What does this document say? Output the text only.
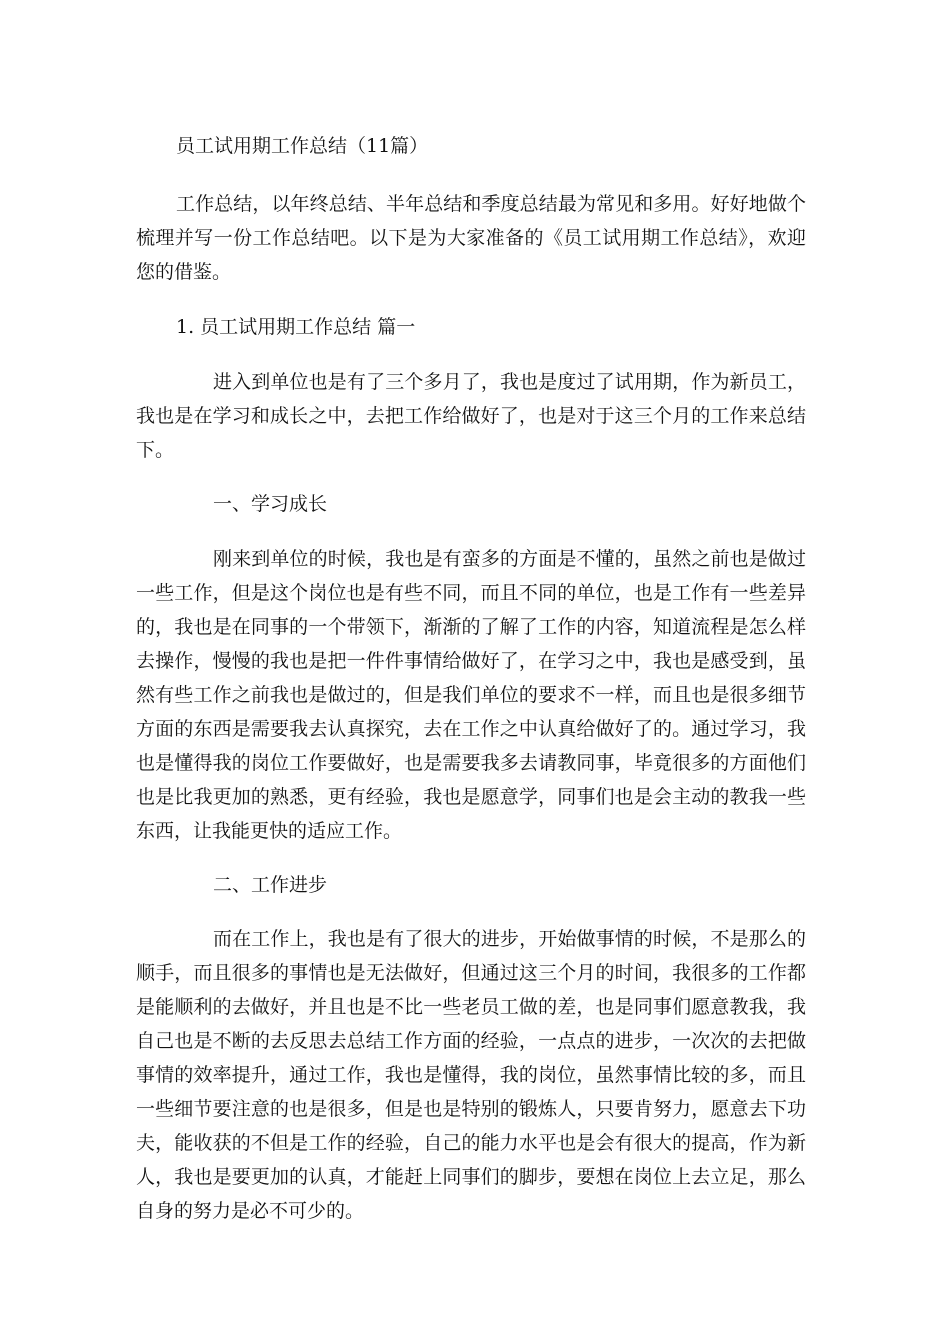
员工试用期工作总结（11篇）
工作总结，以年终总结、半年总结和季度总结最为常见和多用。好好地做个
梳理并写一份工作总结吧。以下是为大家准备的《员工试用期工作总结》，欢迎
您的借鉴。
1. 员工试用期工作总结 篇一
进入到单位也是有了三个多月了，我也是度过了试用期，作为新员工，
我也是在学习和成长之中，去把工作给做好了，也是对于这三个月的工作来总结
下。
一、学习成长
刚来到单位的时候，我也是有蛮多的方面是不懂的，虽然之前也是做过
一些工作，但是这个岗位也是有些不同，而且不同的单位，也是工作有一些差异
的，我也是在同事的一个带领下，渐渐的了解了工作的内容，知道流程是怎么样
去操作，慢慢的我也是把一件件事情给做好了，在学习之中，我也是感受到，虽
然有些工作之前我也是做过的，但是我们单位的要求不一样，而且也是很多细节
方面的东西是需要我去认真探究，去在工作之中认真给做好了的。通过学习，我
也是懂得我的岗位工作要做好，也是需要我多去请教同事，毕竟很多的方面他们
也是比我更加的熟悉，更有经验，我也是愿意学，同事们也是会主动的教我一些
东西，让我能更快的适应工作。
二、工作进步
而在工作上，我也是有了很大的进步，开始做事情的时候，不是那么的
顺手，而且很多的事情也是无法做好，但通过这三个月的时间，我很多的工作都
是能顺利的去做好，并且也是不比一些老员工做的差，也是同事们愿意教我，我
自己也是不断的去反思去总结工作方面的经验，一点点的进步，一次次的去把做
事情的效率提升，通过工作，我也是懂得，我的岗位，虽然事情比较的多，而且
一些细节要注意的也是很多，但是也是特别的锻炼人，只要肯努力，愿意去下功
夫，能收获的不但是工作的经验，自己的能力水平也是会有很大的提高，作为新
人，我也是要更加的认真，才能赶上同事们的脚步，要想在岗位上去立足，那么
自身的努力是必不可少的。
